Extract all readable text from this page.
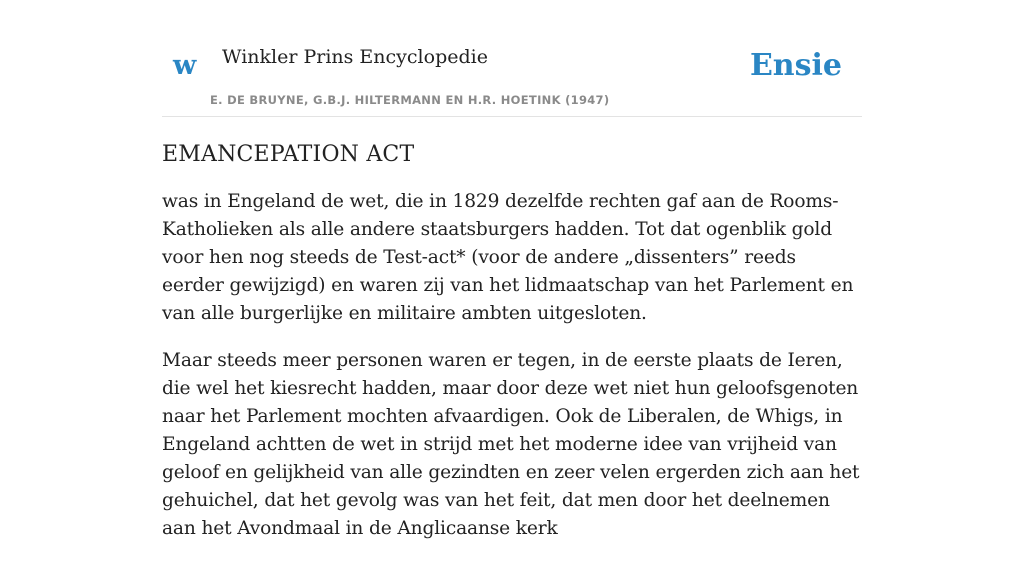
w Winkler Prins Encyclopedie
E. DE BRUYNE, G.B.J. HILTERMANN EN H.R. HOETINK (1947)
Ensie
EMANCEPATION ACT

was in Engeland de wet, die in 1829 dezelfde rechten gaf aan de Rooms-Katholieken als alle andere staatsburgers hadden. Tot dat ogenblik gold voor hen nog steeds de Test-act* (voor de andere „dissenters” reeds eerder gewijzigd) en waren zij van het lidmaatschap van het Parlement en van alle burgerlijke en militaire ambten uitgesloten.

Maar steeds meer personen waren er tegen, in de eerste plaats de Ieren, die wel het kiesrecht hadden, maar door deze wet niet hun geloofsgenoten naar het Parlement mochten afvaardigen. Ook de Liberalen, de Whigs, in Engeland achtten de wet in strijd met het moderne idee van vrijheid van geloof en gelijkheid van alle gezindten en zeer velen ergerden zich aan het gehuichel, dat het gevolg was van het feit, dat men door het deelnemen aan het Avondmaal in de Anglicaanse kerk
